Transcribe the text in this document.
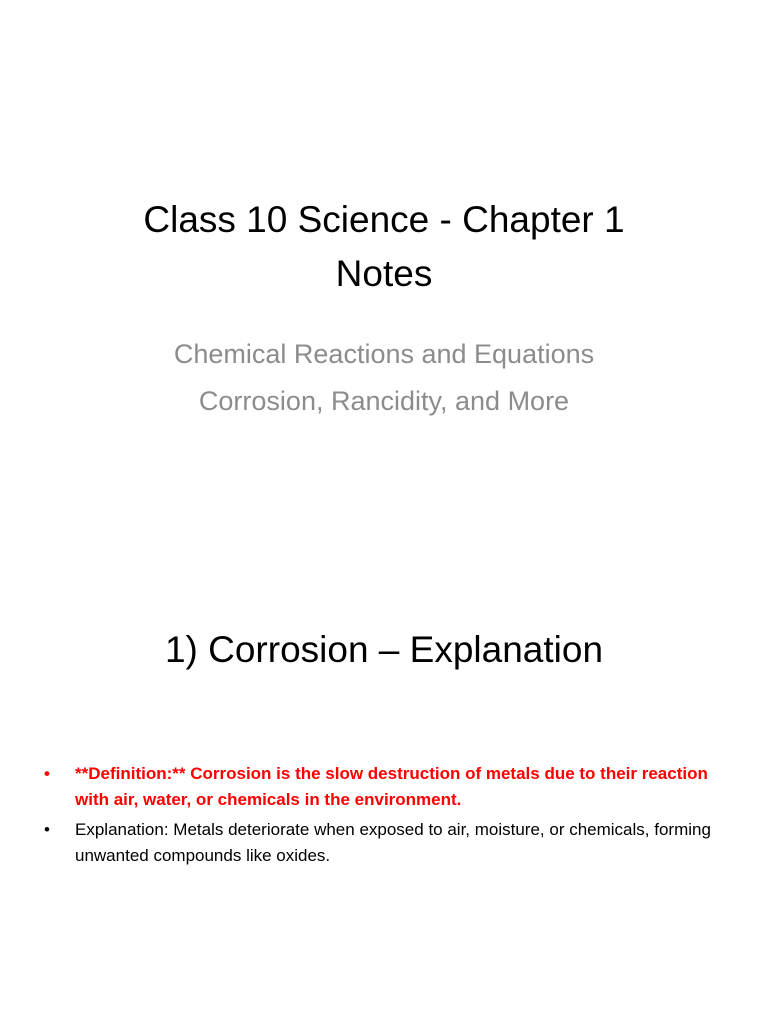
Class 10 Science - Chapter 1
Notes
Chemical Reactions and Equations
Corrosion, Rancidity, and More
1) Corrosion – Explanation
• **Definition:** Corrosion is the slow destruction of metals due to their reaction with air, water, or chemicals in the environment.
• Explanation: Metals deteriorate when exposed to air, moisture, or chemicals, forming unwanted compounds like oxides.
